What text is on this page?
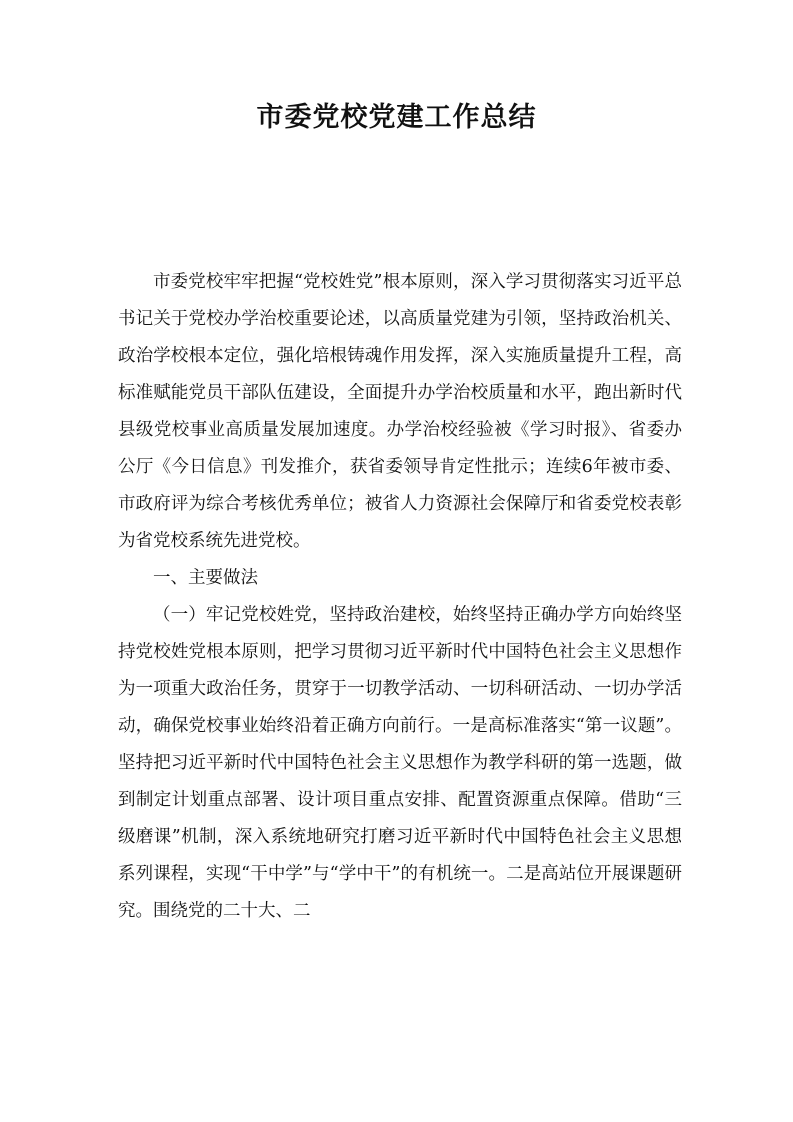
市委党校党建工作总结

市委党校牢牢把握“党校姓党”根本原则，深入学习贯彻落实习近平总书记关于党校办学治校重要论述，以高质量党建为引领，坚持政治机关、政治学校根本定位，强化培根铸魂作用发挥，深入实施质量提升工程，高标准赋能党员干部队伍建设，全面提升办学治校质量和水平，跑出新时代县级党校事业高质量发展加速度。办学治校经验被《学习时报》、省委办公厅《今日信息》刊发推介，获省委领导肯定性批示；连续6年被市委、市政府评为综合考核优秀单位；被省人力资源社会保障厅和省委党校表彰为省党校系统先进党校。

一、主要做法

（一）牢记党校姓党，坚持政治建校，始终坚持正确办学方向始终坚持党校姓党根本原则，把学习贯彻习近平新时代中国特色社会主义思想作为一项重大政治任务，贯穿于一切教学活动、一切科研活动、一切办学活动，确保党校事业始终沿着正确方向前行。一是高标准落实“第一议题”。坚持把习近平新时代中国特色社会主义思想作为教学科研的第一选题，做到制定计划重点部署、设计项目重点安排、配置资源重点保障。借助“三级磨课”机制，深入系统地研究打磨习近平新时代中国特色社会主义思想系列课程，实现“干中学”与“学中干”的有机统一。二是高站位开展课题研究。围绕党的二十大、二
